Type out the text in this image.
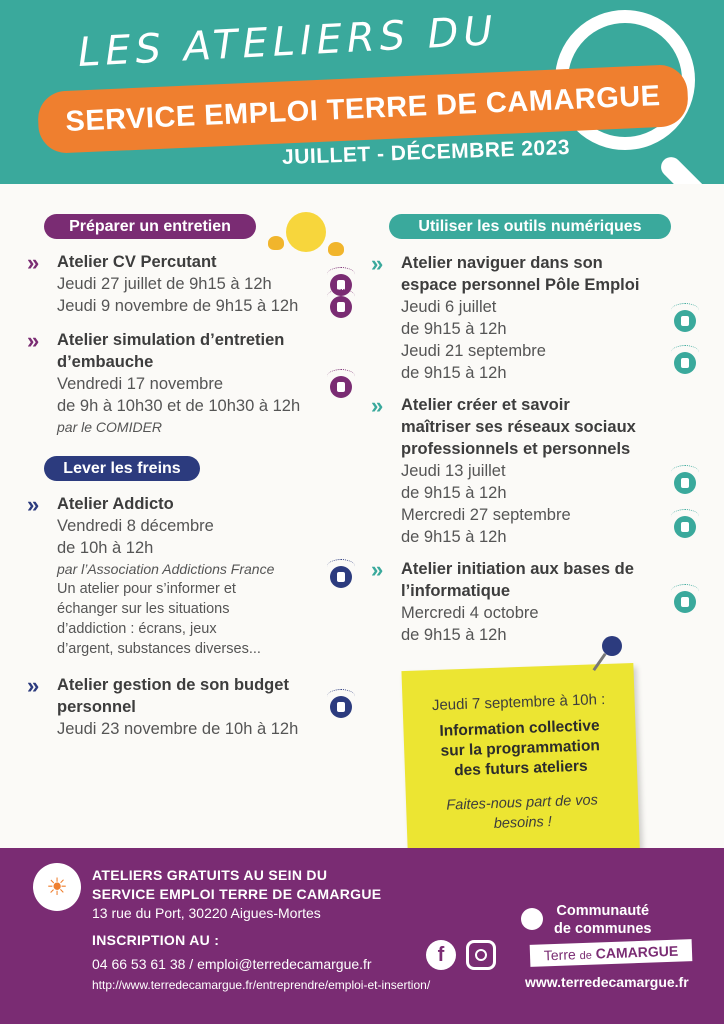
LES ATELIERS DU
SERVICE EMPLOI TERRE DE CAMARGUE
JUILLET - DÉCEMBRE 2023
Préparer un entretien
» Atelier CV Percutant

Jeudi 27 juillet de 9h15 à 12h

Jeudi 9 novembre de 9h15 à 12h

» Atelier simulation d’entretien
d’embauche

Vendredi 17 novembre

de 9h à 10h30 et de 10h30 à 12h

par le COMIDER

Lever les freins
» Atelier Addicto

Vendredi 8 décembre

de 10h à 12h

par l’Association Addictions France

Un atelier pour s’informer et échanger sur les situations d’addiction : écrans, jeux d’argent, substances diverses...

» Atelier gestion de son budget
personnel

Jeudi 23 novembre de 10h à 12h

Utiliser les outils numériques
» Atelier naviguer dans son
espace personnel Pôle Emploi

Jeudi 6 juillet

de 9h15 à 12h

Jeudi 21 septembre

de 9h15 à 12h

» Atelier créer et savoir
maîtriser ses réseaux sociaux
professionnels et personnels

Jeudi 13 juillet

de 9h15 à 12h

Mercredi 27 septembre

de 9h15 à 12h

» Atelier initiation aux bases de
l’informatique

Mercredi 4 octobre

de 9h15 à 12h

Jeudi 7 septembre à 10h :
Information collective
sur la programmation
des futurs ateliers
Faites-nous part de vos besoins !
☀	ATELIERS GRATUITS AU SEIN DU
SERVICE EMPLOI TERRE DE CAMARGUE
13 rue du Port, 30220 Aigues-Mortes
INSCRIPTION AU :
04 66 53 61 38 / emploi@terredecamargue.fr
http://www.terredecamargue.fr/entreprendre/emploi-et-insertion/
f
Communauté
de communes
Terre de CAMARGUE
www.terredecamargue.fr
